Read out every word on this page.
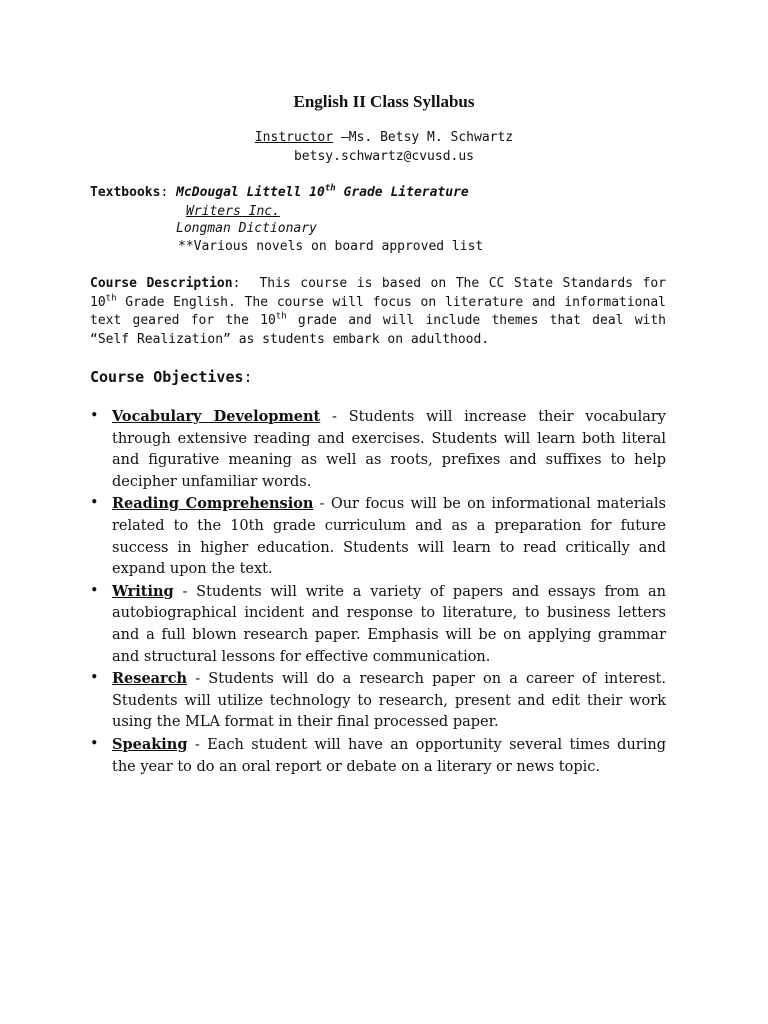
English II Class Syllabus
Instructor –Ms. Betsy M. Schwartz
betsy.schwartz@cvusd.us
Textbooks: McDougal Littell 10th Grade Literature
Writers Inc.
Longman Dictionary
**Various novels on board approved list
Course Description:  This course is based on The CC State Standards for 10th Grade English. The course will focus on literature and informational text geared for the 10th grade and will include themes that deal with “Self Realization” as students embark on adulthood.
Course Objectives:
• Vocabulary Development - Students will increase their vocabulary through extensive reading and exercises. Students will learn both literal and figurative meaning as well as roots, prefixes and suffixes to help decipher unfamiliar words.
• Reading Comprehension - Our focus will be on informational materials related to the 10th grade curriculum and as a preparation for future success in higher education. Students will learn to read critically and expand upon the text.
• Writing - Students will write a variety of papers and essays from an autobiographical incident and response to literature, to business letters and a full blown research paper. Emphasis will be on applying grammar and structural lessons for effective communication.
• Research - Students will do a research paper on a career of interest. Students will utilize technology to research, present and edit their work using the MLA format in their final processed paper.
• Speaking - Each student will have an opportunity several times during the year to do an oral report or debate on a literary or news topic.
